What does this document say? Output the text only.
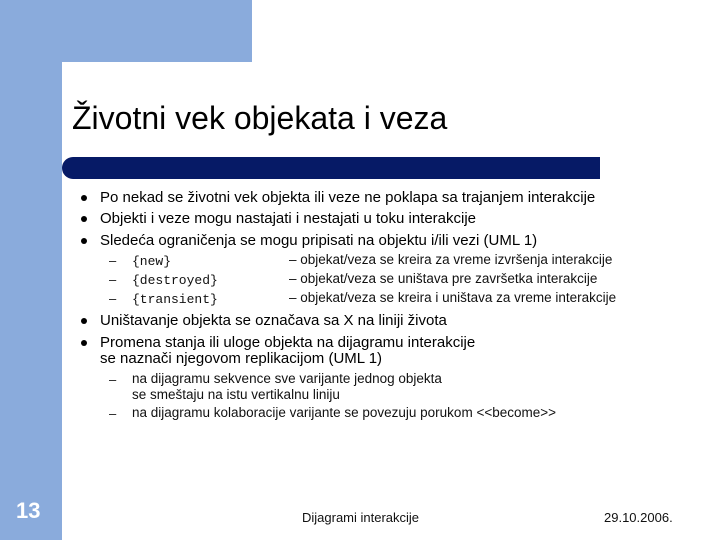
Životni vek objekata i veza
13
Po nekad se životni vek objekta ili veze ne poklapa sa trajanjem interakcije
Objekti i veze mogu nastajati i nestajati u toku interakcije
Sledeća ograničenja se mogu pripisati na objektu i/ili vezi (UML 1)
– {new}	– objekat/veza se kreira za vreme izvršenja interakcije
– {destroyed}	– objekat/veza se uništava pre završetka interakcije
– {transient}	– objekat/veza se kreira i uništava za vreme interakcije
Uništavanje objekta se označava sa X na liniji života
Promena stanja ili uloge objekta na dijagramu interakcije
se naznači njegovom replikacijom (UML 1)
– na dijagramu sekvence sve varijante jednog objekta
se smeštaju na istu vertikalnu liniju
– na dijagramu kolaboracije varijante se povezuju porukom <<become>>
Dijagrami interakcije	29.10.2006.
